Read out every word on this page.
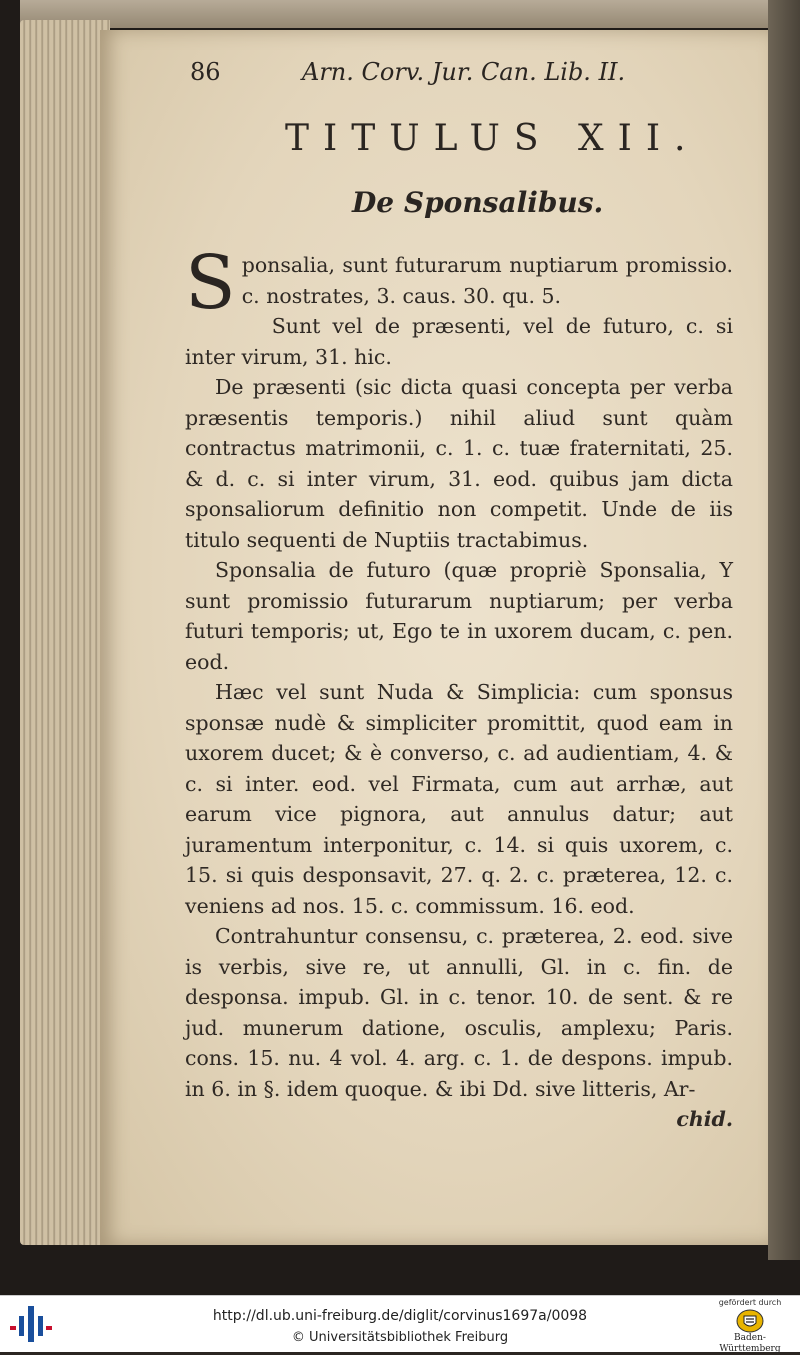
86	Arn. Corv. Jur. Can. Lib. II.
TITULUS XII.
De Sponsalibus.

Sponsalia, sunt futurarum nuptiarum promissio. c. nostrates, 3. caus. 30. qu. 5.

Sunt vel de præsenti, vel de futuro, c. si inter virum, 31. hic.

De præsenti (sic dicta quasi concepta per verba præsentis temporis.) nihil aliud sunt quàm contractus matrimonii, c. 1. c. tuæ fraternitati, 25. & d. c. si inter virum, 31. eod. quibus jam dicta sponsaliorum definitio non competit. Unde de iis titulo sequenti de Nuptiis tractabimus.

Sponsalia de futuro (quæ propriè Sponsalia, Y sunt promissio futurarum nuptiarum; per verba futuri temporis; ut, Ego te in uxorem ducam, c. pen. eod.

Hæc vel sunt Nuda & Simplicia: cum sponsus sponsæ nudè & simpliciter promittit, quod eam in uxorem ducet; & è converso, c. ad audientiam, 4. & c. si inter. eod. vel Firmata, cum aut arrhæ, aut earum vice pignora, aut annulus datur; aut juramentum interponitur, c. 14. si quis uxorem, c. 15. si quis desponsavit, 27. q. 2. c. præterea, 12. c. veniens ad nos. 15. c. commissum. 16. eod.

Contrahuntur consensu, c. præterea, 2. eod. sive is verbis, sive re, ut annulli, Gl. in c. fin. de desponsa. impub. Gl. in c. tenor. 10. de sent. & re jud. munerum datione, osculis, amplexu; Paris. cons. 15. nu. 4 vol. 4. arg. c. 1. de despons. impub. in 6. in §. idem quoque. & ibi Dd. sive litteris, Ar-

chid.

http://dl.ub.uni-freiburg.de/diglit/corvinus1697a/0098
© Universitätsbibliothek Freiburg
gefördert durch
Baden-Württemberg
